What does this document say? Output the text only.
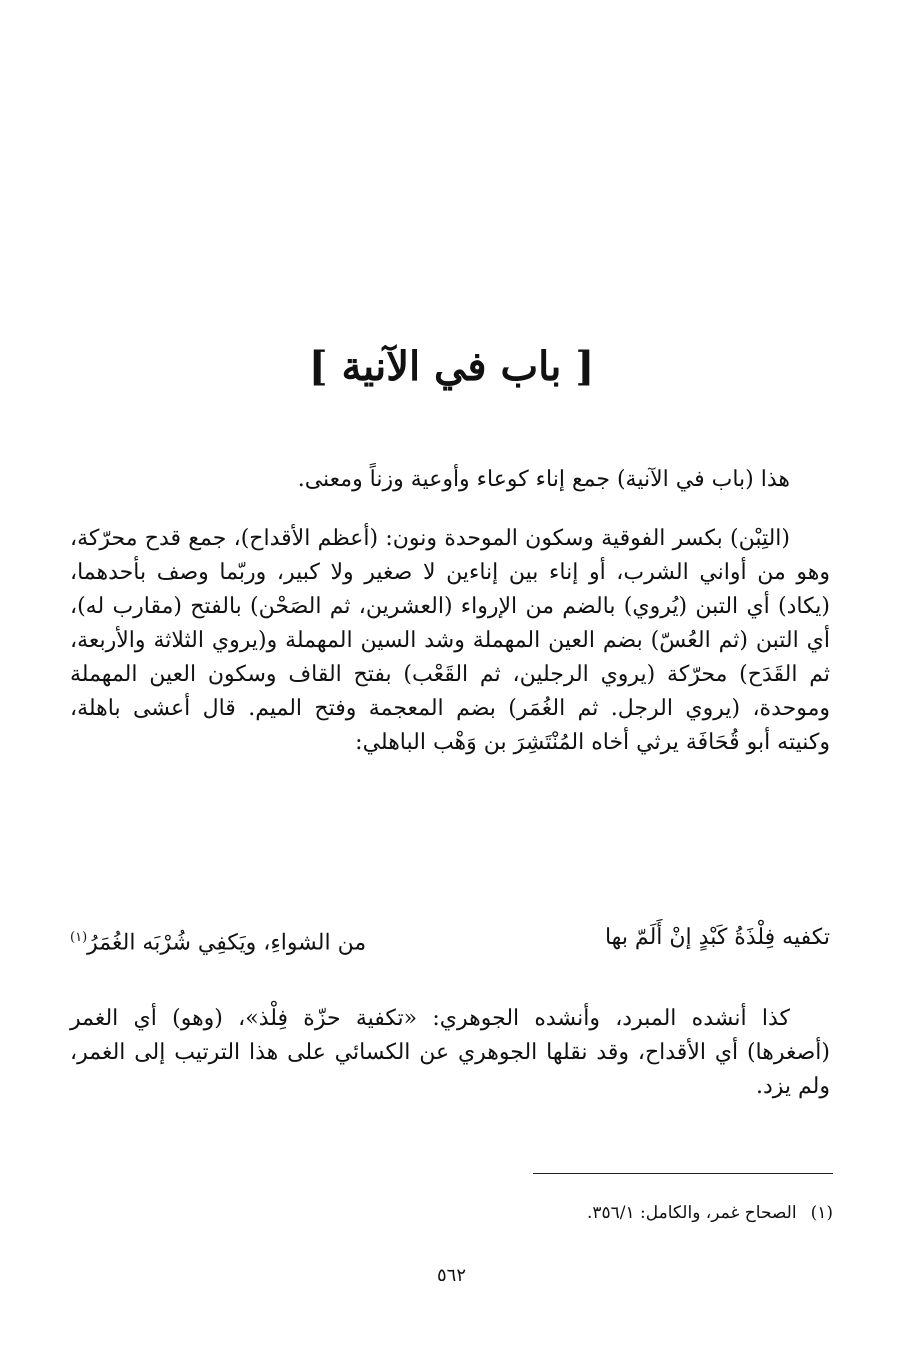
[ باب في الآنية ]

هذا (باب في الآنية) جمع إناء كوعاء وأوعية وزناً ومعنى.

(التِبْن) بكسر الفوقية وسكون الموحدة ونون: (أعظم الأقداح)، جمع قدح محرّكة، وهو من أواني الشرب، أو إناء بين إناءين لا صغير ولا كبير، وربّما وصف بأحدهما، (يكاد) أي التبن (يُروي) بالضم من الإرواء (العشرين، ثم الصَحْن) بالفتح (مقارب له)، أي التبن (ثم العُسّ) بضم العين المهملة وشد السين المهملة و(يروي الثلاثة والأربعة، ثم القَدَح) محرّكة (يروي الرجلين، ثم القَعْب) بفتح القاف وسكون العين المهملة وموحدة، (يروي الرجل. ثم الغُمَر) بضم المعجمة وفتح الميم. قال أعشى باهلة، وكنيته أبو قُحَافَة يرثي أخاه المُنْتَشِرَ بن وَهْب الباهلي:

تكفيه فِلْذَةُ كَبْدٍ إنْ أَلَمّ بها
من الشواءِ، ويَكفِي شُرْبَه الغُمَرُ$^{(١)}$

كذا أنشده المبرد، وأنشده الجوهري: «تكفية حزّة فِلْذ»، (وهو) أي الغمر (أصغرها) أي الأقداح، وقد نقلها الجوهري عن الكسائي على هذا الترتيب إلى الغمر، ولم يزد.

(١)الصحاح غمر، والكامل: ٣٥٦/١.

٥٦٢
